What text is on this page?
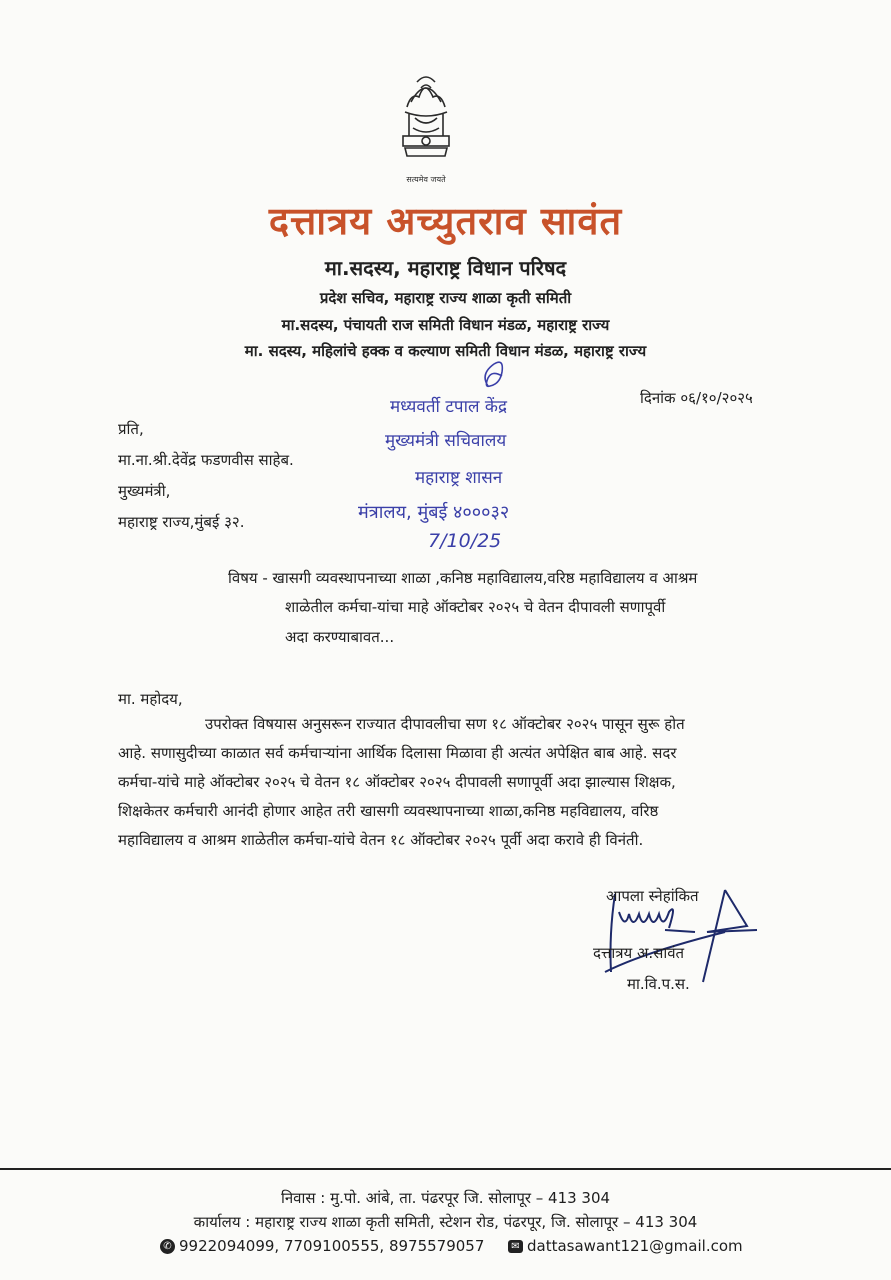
सत्यमेव जयते
दत्तात्रय अच्युतराव सावंत
मा.सदस्य, महाराष्ट्र विधान परिषद
प्रदेश सचिव, महाराष्ट्र राज्य शाळा कृती समिती
मा.सदस्य, पंचायती राज समिती विधान मंडळ, महाराष्ट्र राज्य
मा. सदस्य, महिलांचे हक्क व कल्याण समिती विधान मंडळ, महाराष्ट्र राज्य
दिनांक ०६/१०/२०२५
प्रति,
मा.ना.श्री.देवेंद्र फडणवीस साहेब.
मुख्यमंत्री,
महाराष्ट्र राज्य,मुंबई ३२.
मध्यवर्ती टपाल केंद्र
मुख्यमंत्री सचिवालय
महाराष्ट्र शासन
मंत्रालय, मुंबई ४०००३२
7/10/25
विषय - खासगी व्यवस्थापनाच्या शाळा ,कनिष्ठ महाविद्यालय,वरिष्ठ महाविद्यालय व आश्रम
शाळेतील कर्मचा-यांचा माहे ऑक्टोबर २०२५ चे वेतन दीपावली सणापूर्वी
अदा करण्याबावत...
मा. महोदय,
उपरोक्त विषयास अनुसरून राज्यात दीपावलीचा सण १८ ऑक्टोबर २०२५ पासून सुरू होत
आहे. सणासुदीच्या काळात सर्व कर्मचाऱ्यांना आर्थिक दिलासा मिळावा ही अत्यंत अपेक्षित बाब आहे. सदर
कर्मचा-यांचे माहे ऑक्टोबर २०२५ चे वेतन १८ ऑक्टोबर २०२५ दीपावली सणापूर्वी अदा झाल्यास शिक्षक,
शिक्षकेतर कर्मचारी आनंदी होणार आहेत तरी खासगी व्यवस्थापनाच्या शाळा,कनिष्ठ महविद्यालय, वरिष्ठ
महाविद्यालय व आश्रम शाळेतील कर्मचा-यांचे वेतन १८ ऑक्टोबर २०२५ पूर्वी अदा करावे ही विनंती.
आपला स्नेहांकित
दत्तात्रय अ.सावंत
मा.वि.प.स.
निवास : मु.पो. आंबे, ता. पंढरपूर जि. सोलापूर – 413 304
कार्यालय : महाराष्ट्र राज्य शाळा कृती समिती, स्टेशन रोड, पंढरपूर, जि. सोलापूर – 413 304
✆ 9922094099, 7709100555, 8975579057	✉ dattasawant121@gmail.com
